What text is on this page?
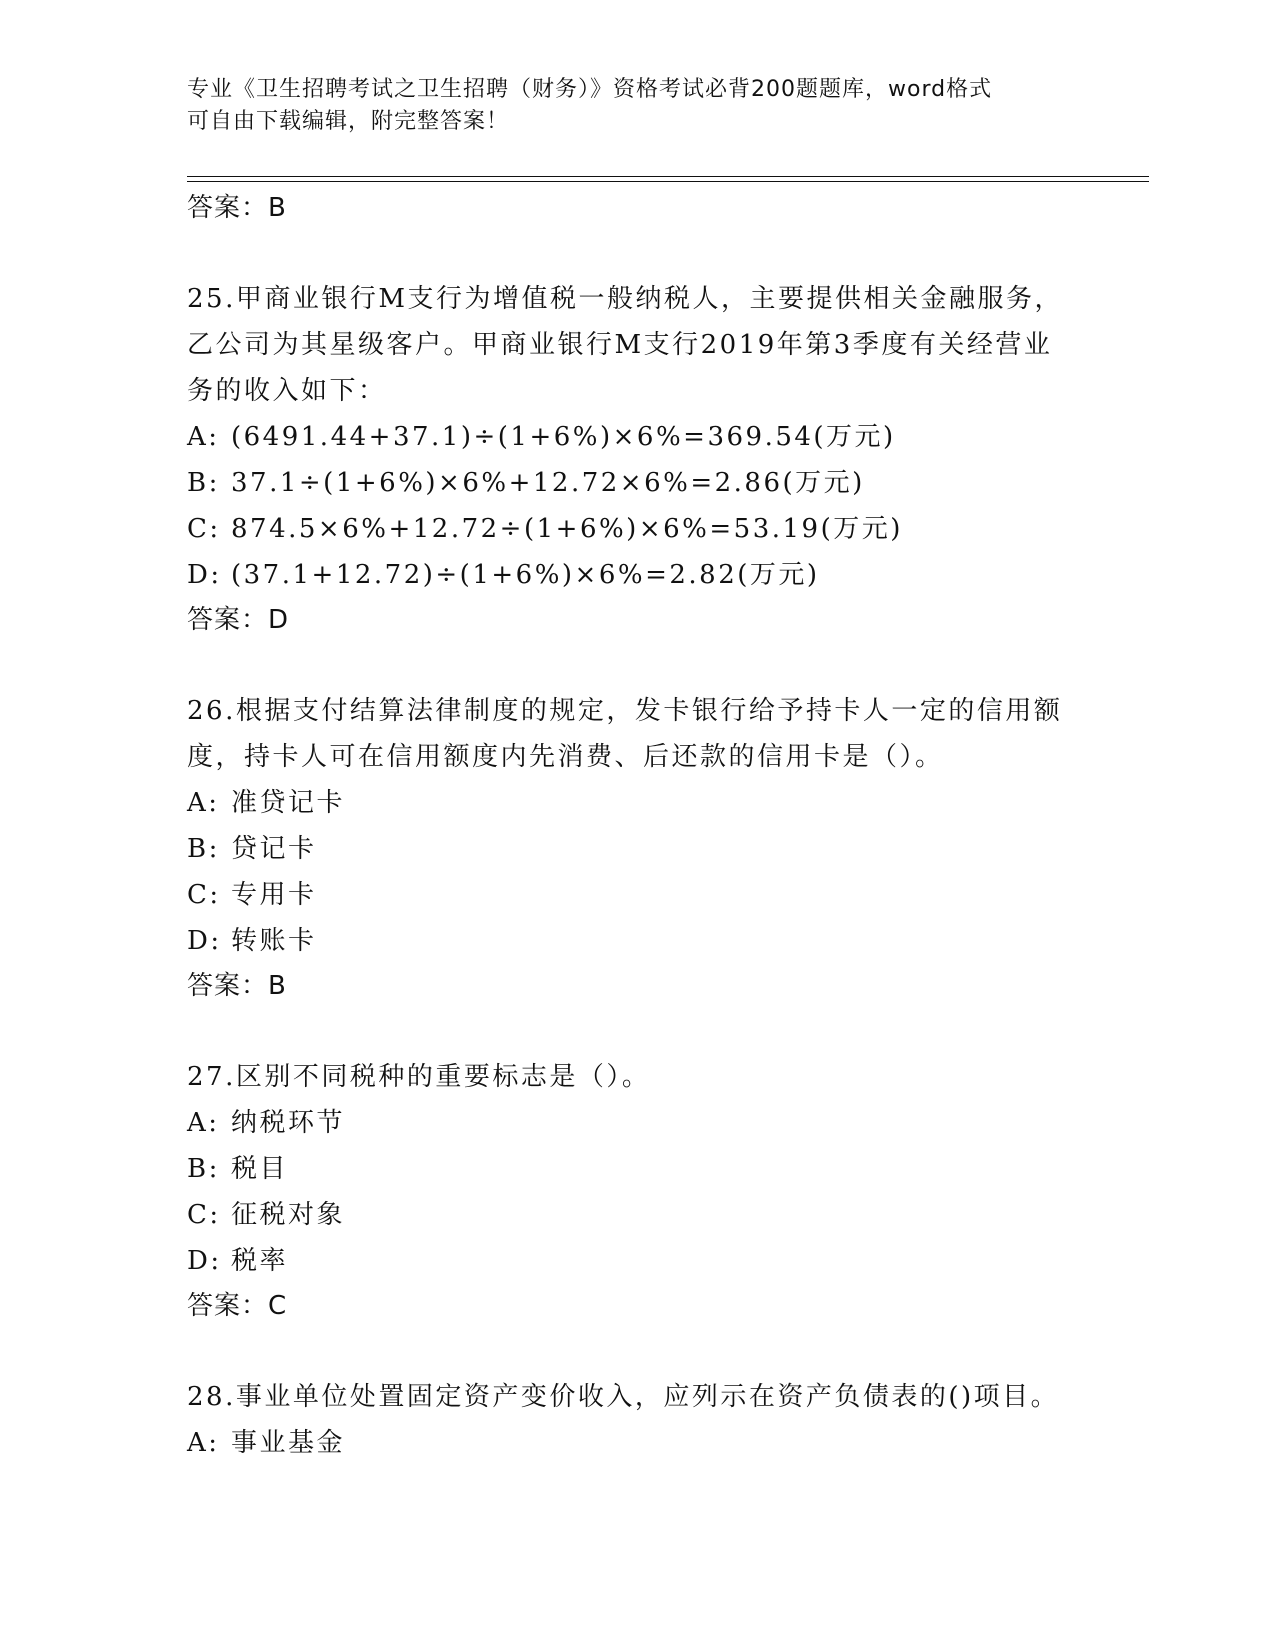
专业《卫生招聘考试之卫生招聘（财务）》资格考试必背200题题库，word格式
可自由下载编辑，附完整答案！
答案：B
25.甲商业银行M支行为增值税一般纳税人，主要提供相关金融服务，
乙公司为其星级客户。甲商业银行M支行2019年第3季度有关经营业
务的收入如下：
A: (6491.44+37.1)÷(1+6%)×6%=369.54(万元)
B: 37.1÷(1+6%)×6%+12.72×6%=2.86(万元)
C: 874.5×6%+12.72÷(1+6%)×6%=53.19(万元)
D: (37.1+12.72)÷(1+6%)×6%=2.82(万元)
答案：D
26.根据支付结算法律制度的规定，发卡银行给予持卡人一定的信用额
度，持卡人可在信用额度内先消费、后还款的信用卡是（）。
A: 准贷记卡
B: 贷记卡
C: 专用卡
D: 转账卡
答案：B
27.区别不同税种的重要标志是（）。
A: 纳税环节
B: 税目
C: 征税对象
D: 税率
答案：C
28.事业单位处置固定资产变价收入，应列示在资产负债表的()项目。
A: 事业基金
